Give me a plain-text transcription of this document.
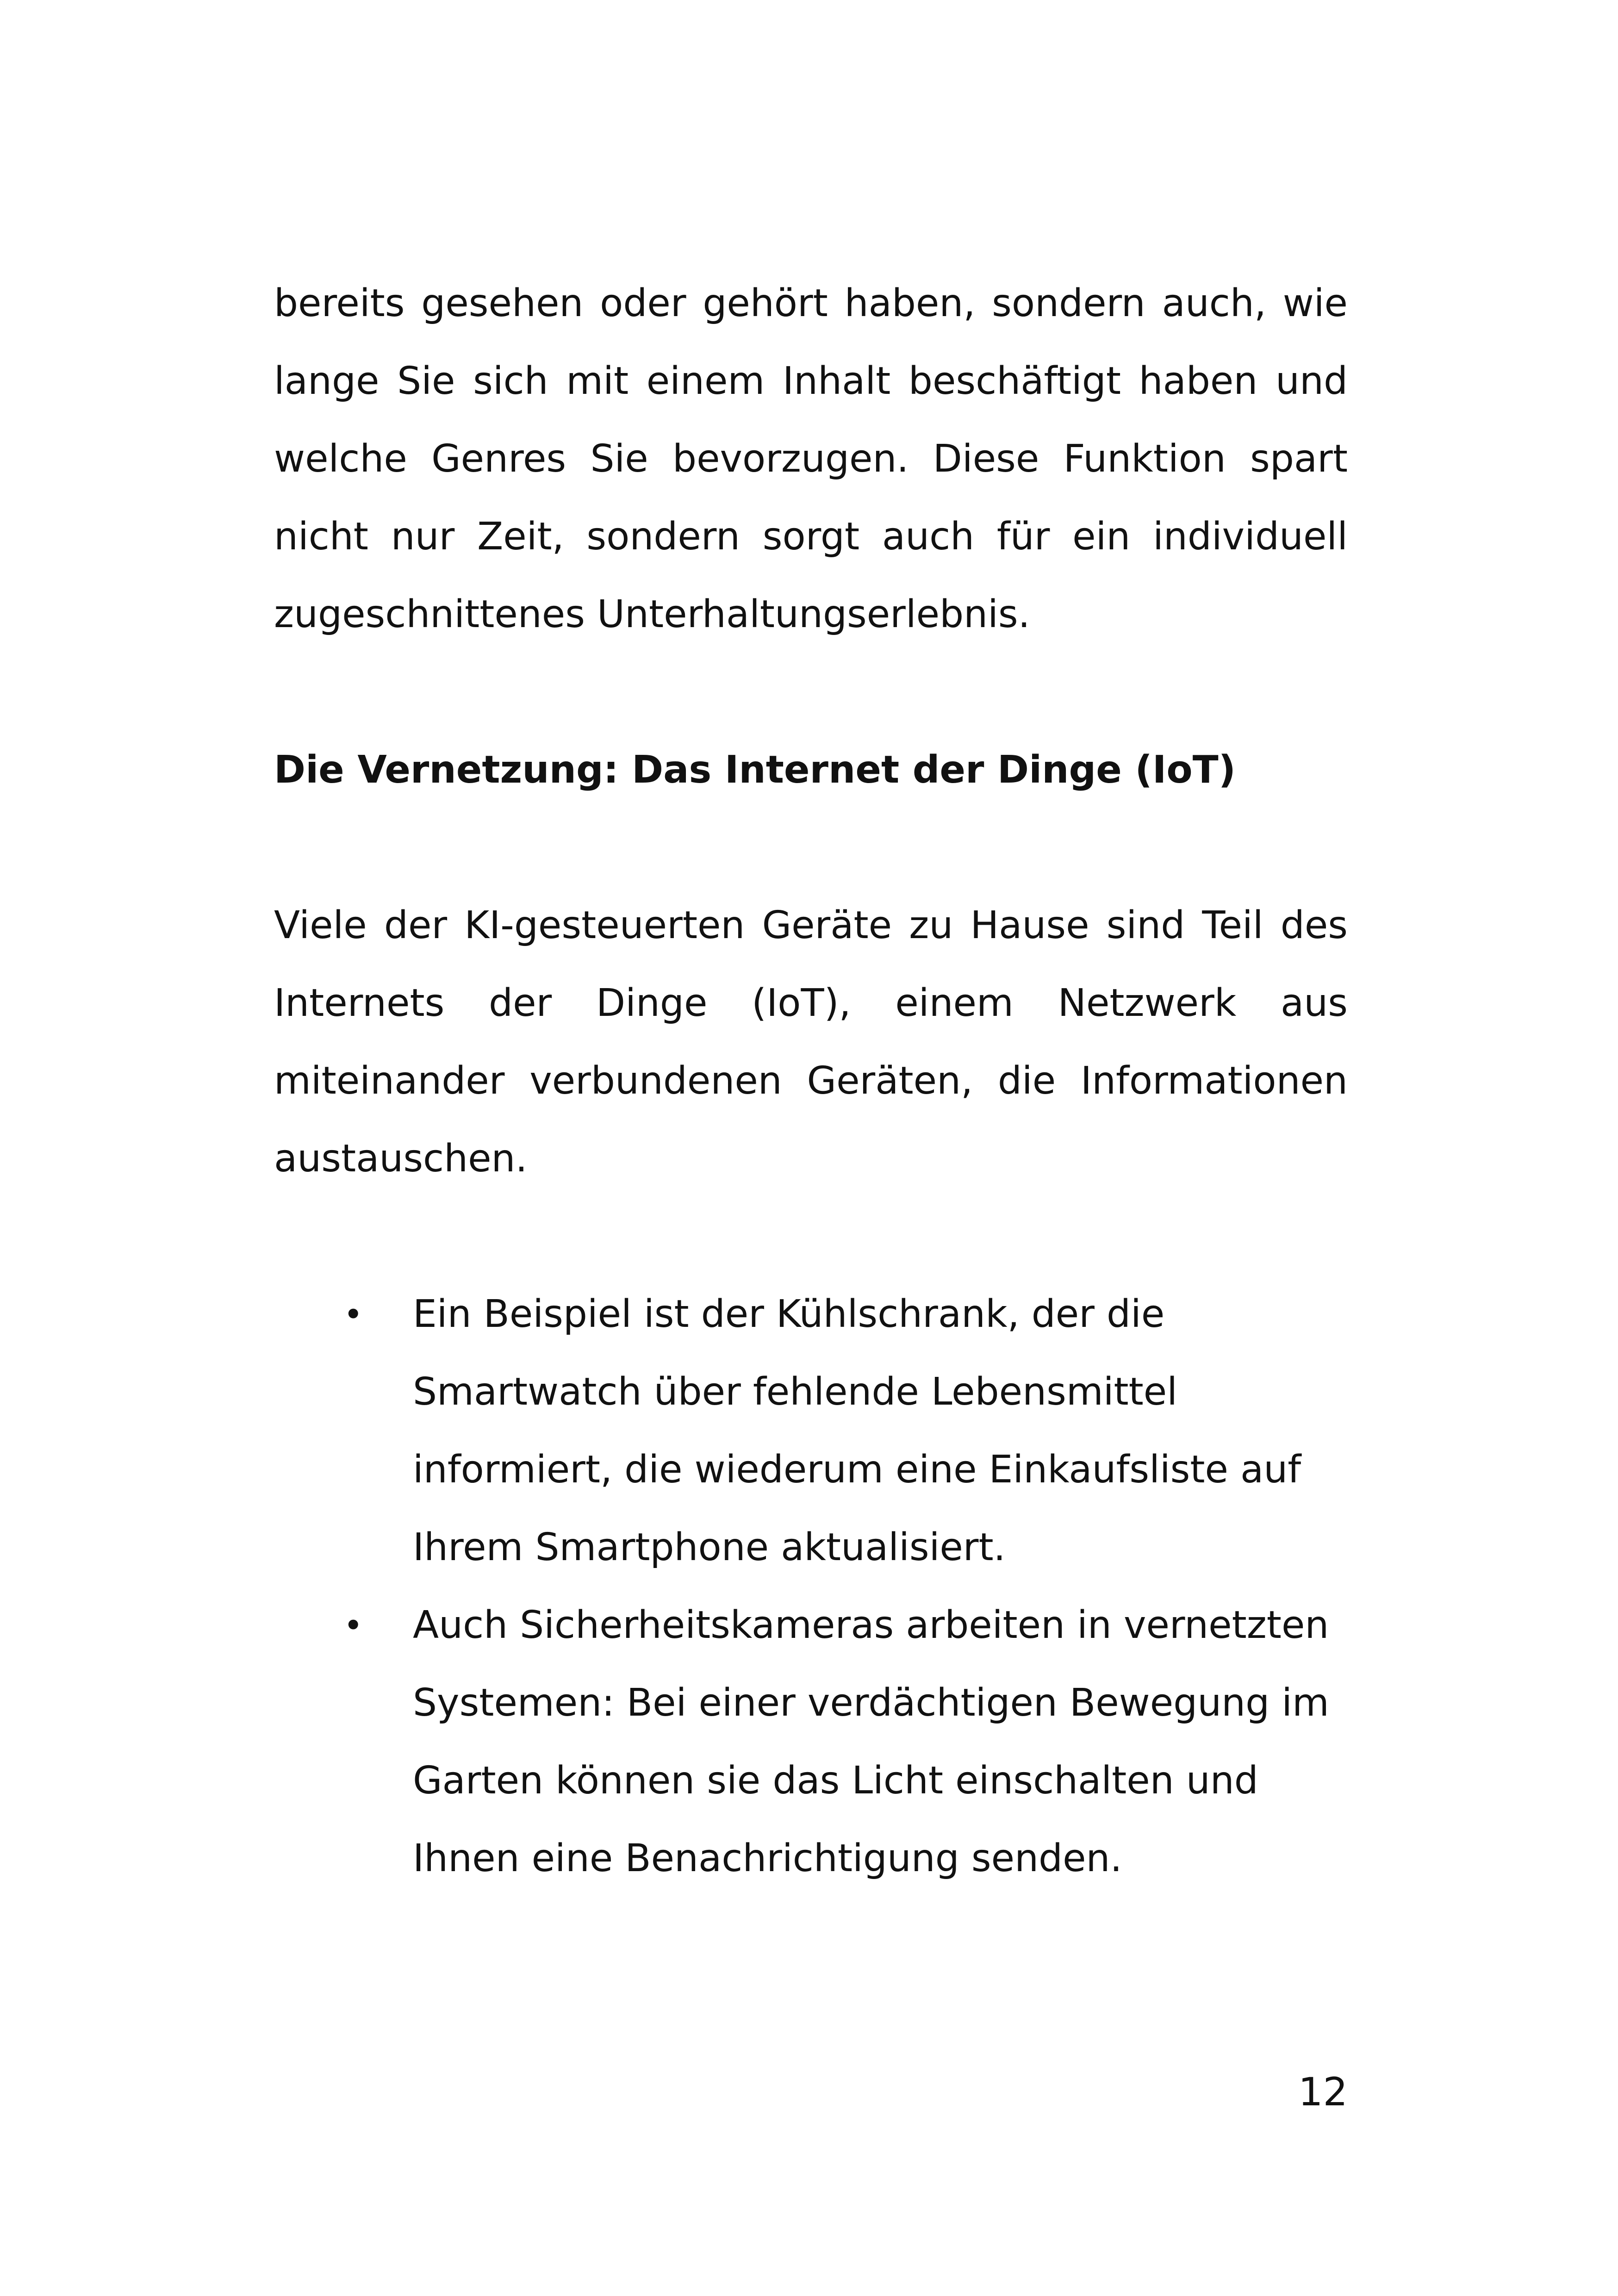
bereits gesehen oder gehört haben, sondern auch, wie lange Sie sich mit einem Inhalt beschäftigt haben und welche Genres Sie bevorzugen. Diese Funktion spart nicht nur Zeit, sondern sorgt auch für ein individuell zugeschnittenes Unterhaltungserlebnis.

Die Vernetzung: Das Internet der Dinge (IoT)

Viele der KI-gesteuerten Geräte zu Hause sind Teil des Internets der Dinge (IoT), einem Netzwerk aus miteinander verbundenen Geräten, die Informationen austauschen.

• Ein Beispiel ist der Kühlschrank, der die Smartwatch über fehlende Lebensmittel informiert, die wiederum eine Einkaufsliste auf Ihrem Smartphone aktualisiert.
• Auch Sicherheitskameras arbeiten in vernetzten Systemen: Bei einer verdächtigen Bewegung im Garten können sie das Licht einschalten und Ihnen eine Benachrichtigung senden.
12
